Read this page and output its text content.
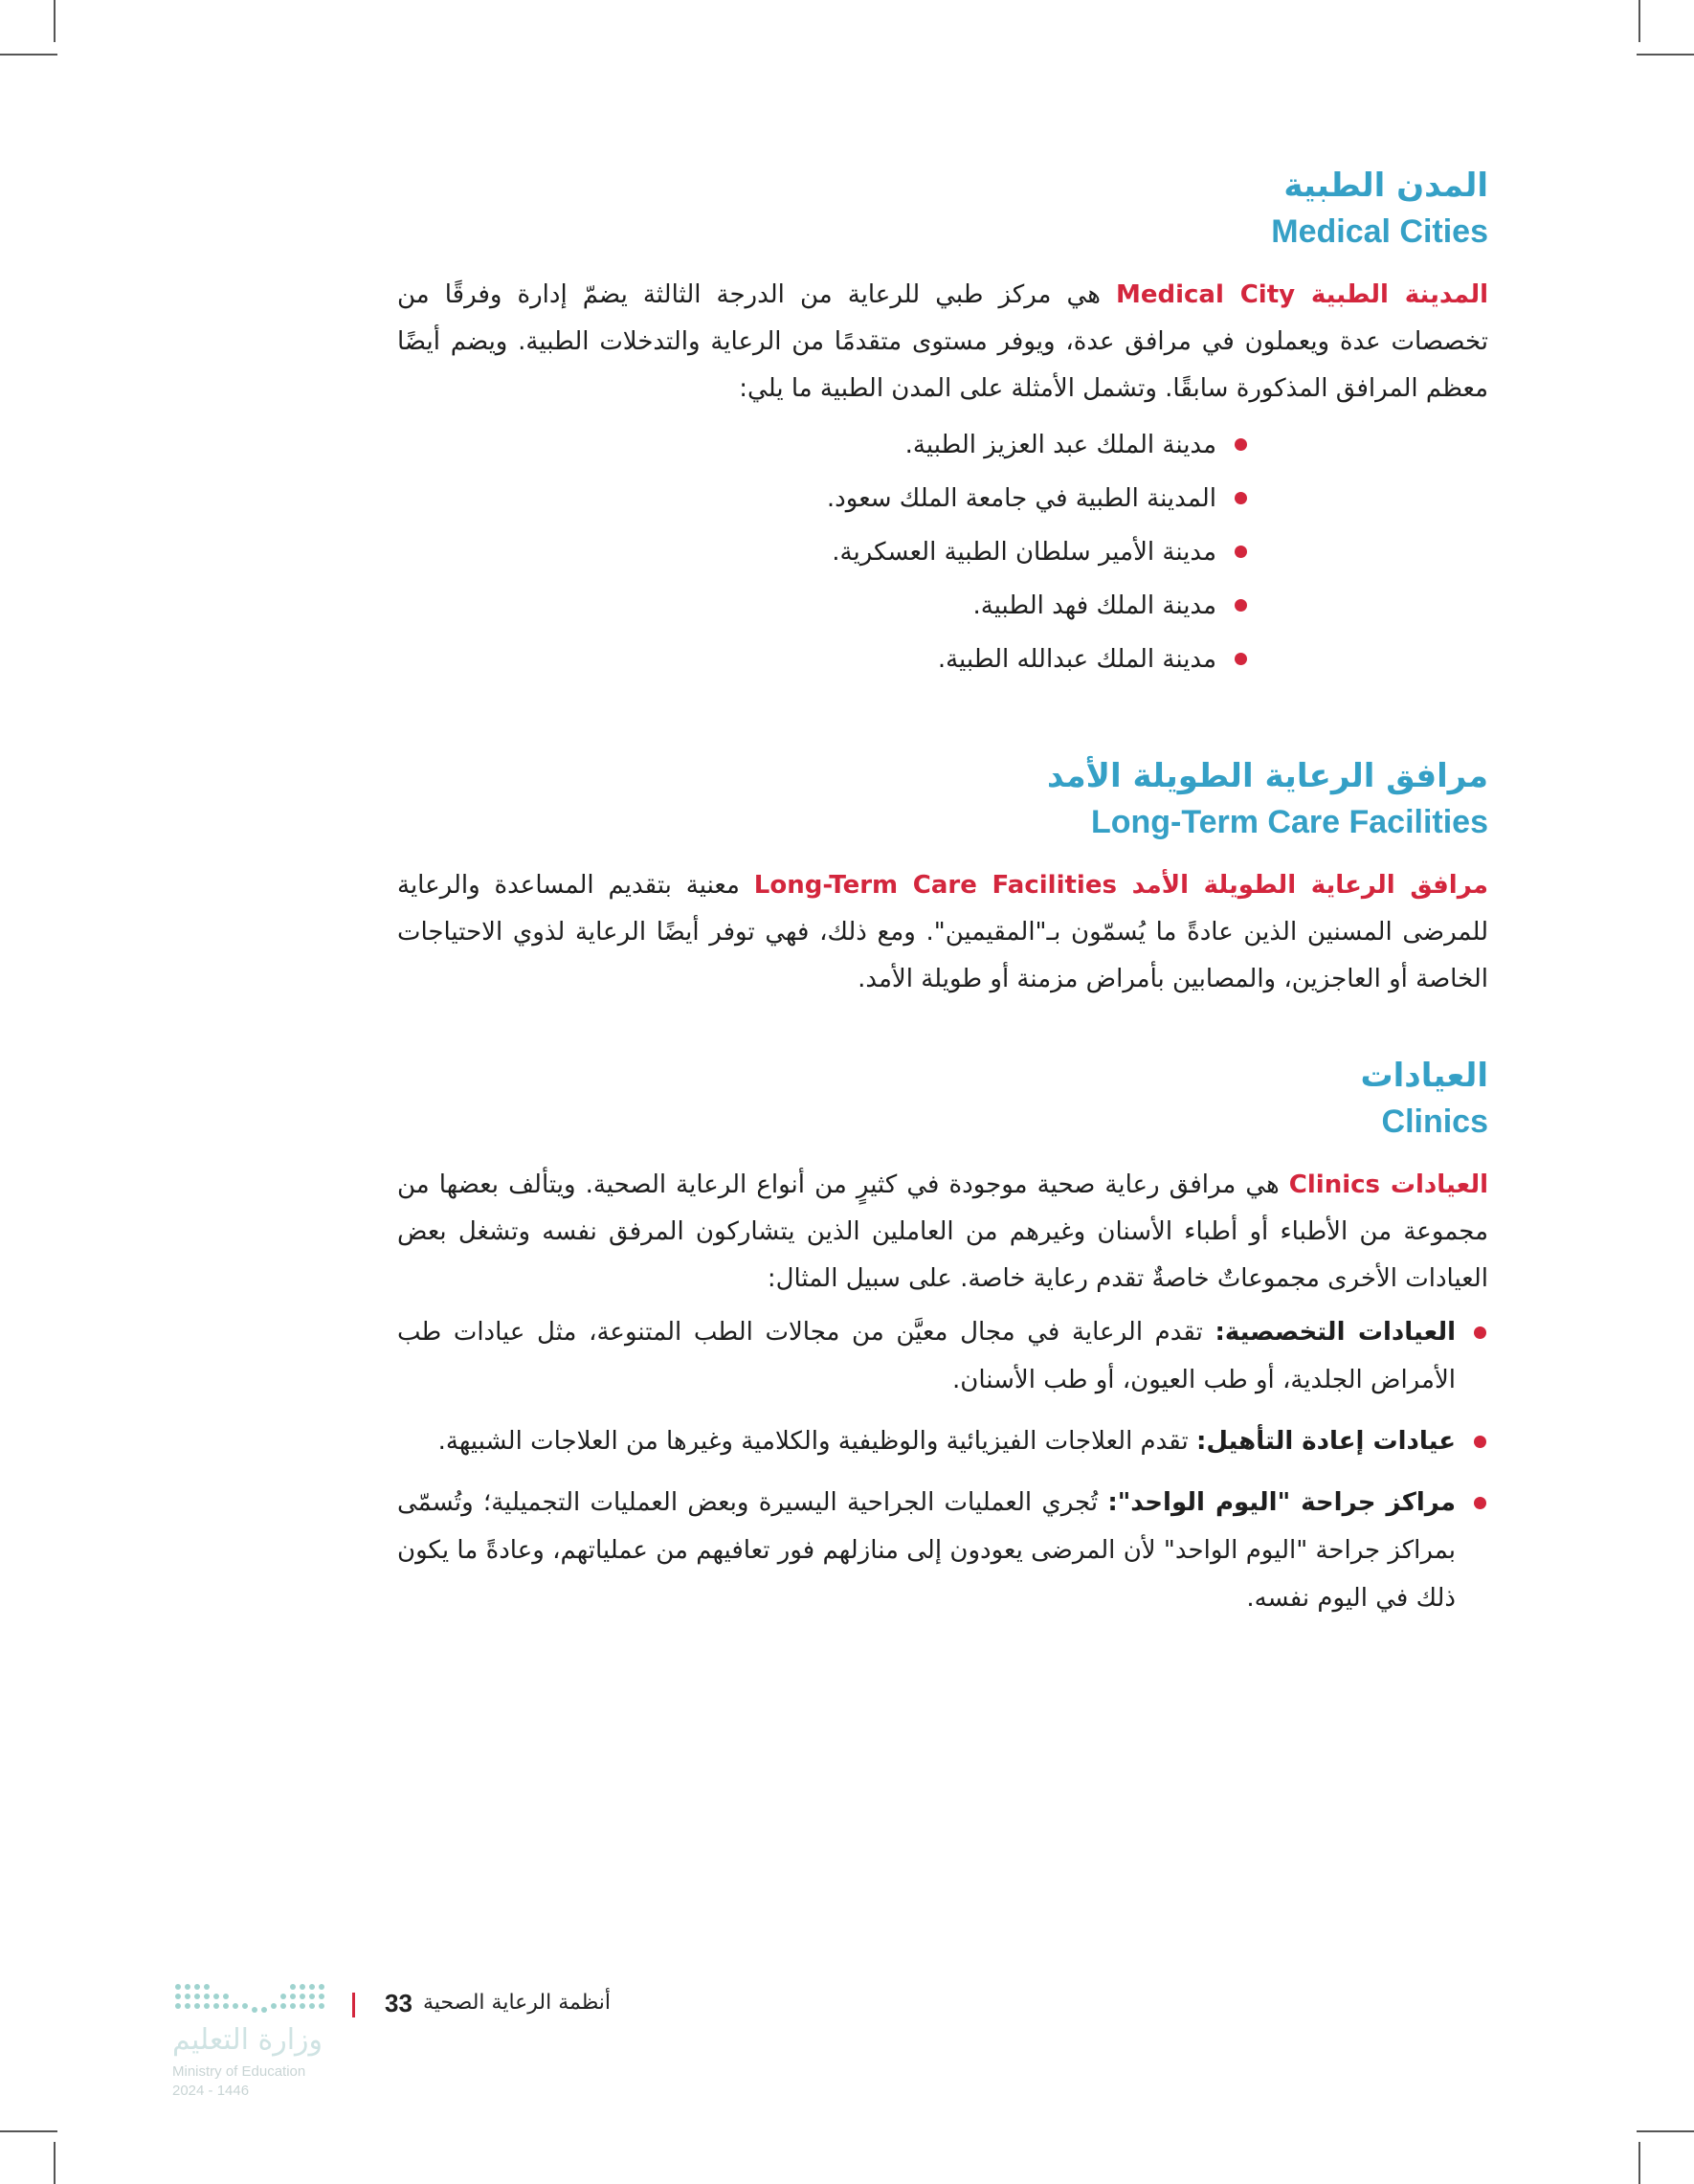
المدن الطبية
Medical Cities

المدينة الطبية Medical City هي مركز طبي للرعاية من الدرجة الثالثة يضمّ إدارة وفرقًا من تخصصات عدة ويعملون في مرافق عدة، ويوفر مستوى متقدمًا من الرعاية والتدخلات الطبية. ويضم أيضًا معظم المرافق المذكورة سابقًا. وتشمل الأمثلة على المدن الطبية ما يلي:

مدينة الملك عبد العزيز الطبية.
المدينة الطبية في جامعة الملك سعود.
مدينة الأمير سلطان الطبية العسكرية.
مدينة الملك فهد الطبية.
مدينة الملك عبدالله الطبية.
مرافق الرعاية الطويلة الأمد
Long-Term Care Facilities

مرافق الرعاية الطويلة الأمد Long-Term Care Facilities معنية بتقديم المساعدة والرعاية للمرضى المسنين الذين عادةً ما يُسمّون بـ"المقيمين". ومع ذلك، فهي توفر أيضًا الرعاية لذوي الاحتياجات الخاصة أو العاجزين، والمصابين بأمراض مزمنة أو طويلة الأمد.

العيادات
Clinics

العيادات Clinics هي مرافق رعاية صحية موجودة في كثيرٍ من أنواع الرعاية الصحية. ويتألف بعضها من مجموعة من الأطباء أو أطباء الأسنان وغيرهم من العاملين الذين يتشاركون المرفق نفسه وتشغل بعض العيادات الأخرى مجموعاتٌ خاصةٌ تقدم رعاية خاصة. على سبيل المثال:

العيادات التخصصية: تقدم الرعاية في مجال معيَّن من مجالات الطب المتنوعة، مثل عيادات طب الأمراض الجلدية، أو طب العيون، أو طب الأسنان.
عيادات إعادة التأهيل: تقدم العلاجات الفيزيائية والوظيفية والكلامية وغيرها من العلاجات الشبيهة.
مراكز جراحة "اليوم الواحد": تُجري العمليات الجراحية اليسيرة وبعض العمليات التجميلية؛ وتُسمّى بمراكز جراحة "اليوم الواحد" لأن المرضى يعودون إلى منازلهم فور تعافيهم من عملياتهم، وعادةً ما يكون ذلك في اليوم نفسه.
33 أنظمة الرعاية الصحية
وزارة التعليم
Ministry of Education
2024 - 1446
